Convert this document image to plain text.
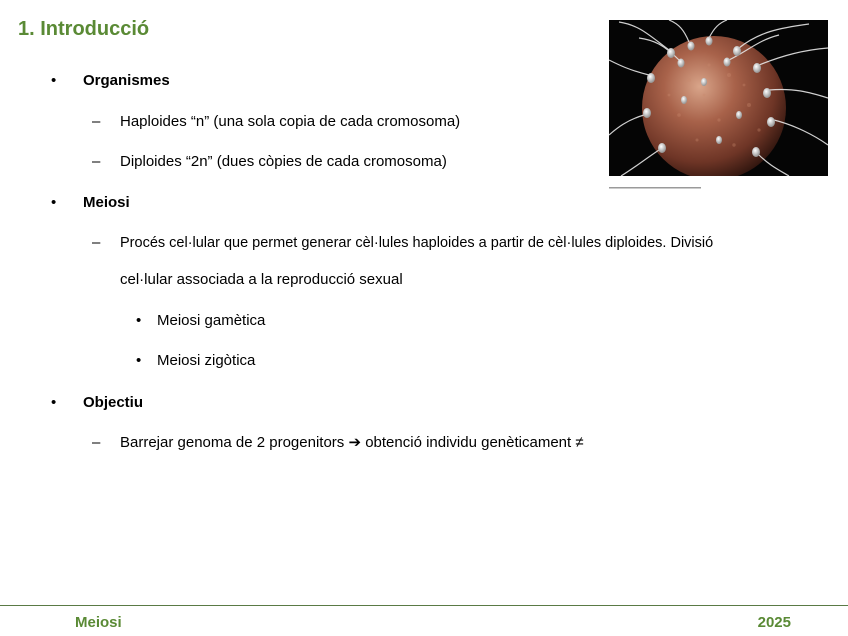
1. Introducció
• Organismes
– Haploides “n” (una sola copia de cada cromosoma)
– Diploides “2n” (dues còpies de cada cromosoma)
• Meiosi
– Procés cel·lular que permet generar cèl·lules haploides a partir de cèl·lules diploides. Divisió
cel·lular associada a la reproducció sexual
• Meiosi gamètica
• Meiosi zigòtica
• Objectiu
– Barrejar genoma de 2 progenitors ➔ obtenció individu genèticament ≠
Meiosi	2025
